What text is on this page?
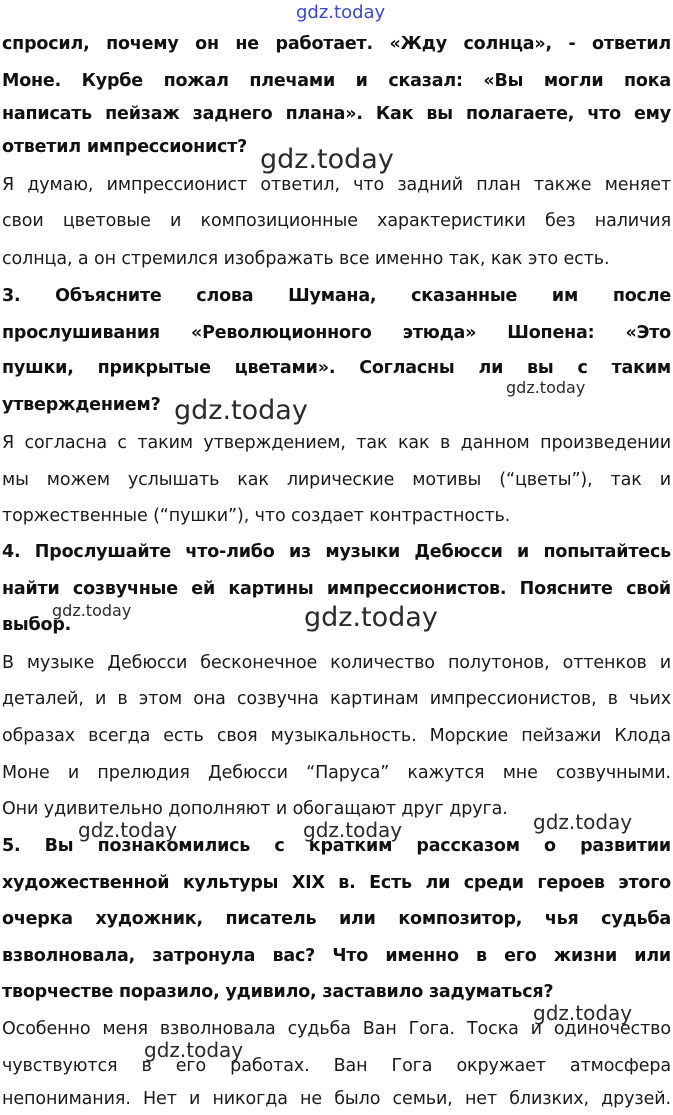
gdz.today
спросил, почему он не работает. «Жду солнца», - ответил
Моне. Курбе пожал плечами и сказал: «Вы могли пока
написать пейзаж заднего плана». Как вы полагаете, что ему
ответил импрессионист?
Я думаю, импрессионист ответил, что задний план также меняет
свои цветовые и композиционные характеристики без наличия
солнца, а он стремился изображать все именно так, как это есть.
3. Объясните слова Шумана, сказанные им после
прослушивания «Революционного этюда» Шопена: «Это
пушки, прикрытые цветами». Согласны ли вы с таким
утверждением?
Я согласна с таким утверждением, так как в данном произведении
мы можем услышать как лирические мотивы (“цветы”), так и
торжественные (“пушки”), что создает контрастность.
4. Прослушайте что-либо из музыки Дебюсси и попытайтесь
найти созвучные ей картины импрессионистов. Поясните свой
выбор.
В музыке Дебюсси бесконечное количество полутонов, оттенков и
деталей, и в этом она созвучна картинам импрессионистов, в чьих
образах всегда есть своя музыкальность. Морские пейзажи Клода
Моне и прелюдия Дебюсси “Паруса” кажутся мне созвучными.
Они удивительно дополняют и обогащают друг друга.
5. Вы познакомились с кратким рассказом о развитии
художественной культуры XIX в. Есть ли среди героев этого
очерка художник, писатель или композитор, чья судьба
взволновала, затронула вас? Что именно в его жизни или
творчестве поразило, удивило, заставило задуматься?
Особенно меня взволновала судьба Ван Гога. Тоска и одиночество
чувствуются в его работах. Ван Гога окружает атмосфера
непонимания. Нет и никогда не было семьи, нет близких, друзей.
gdz.today
gdz.today
gdz.today
gdz.today	gdz.today
gdz.today
gdz.today	gdz.today
gdz.today
gdz.today
